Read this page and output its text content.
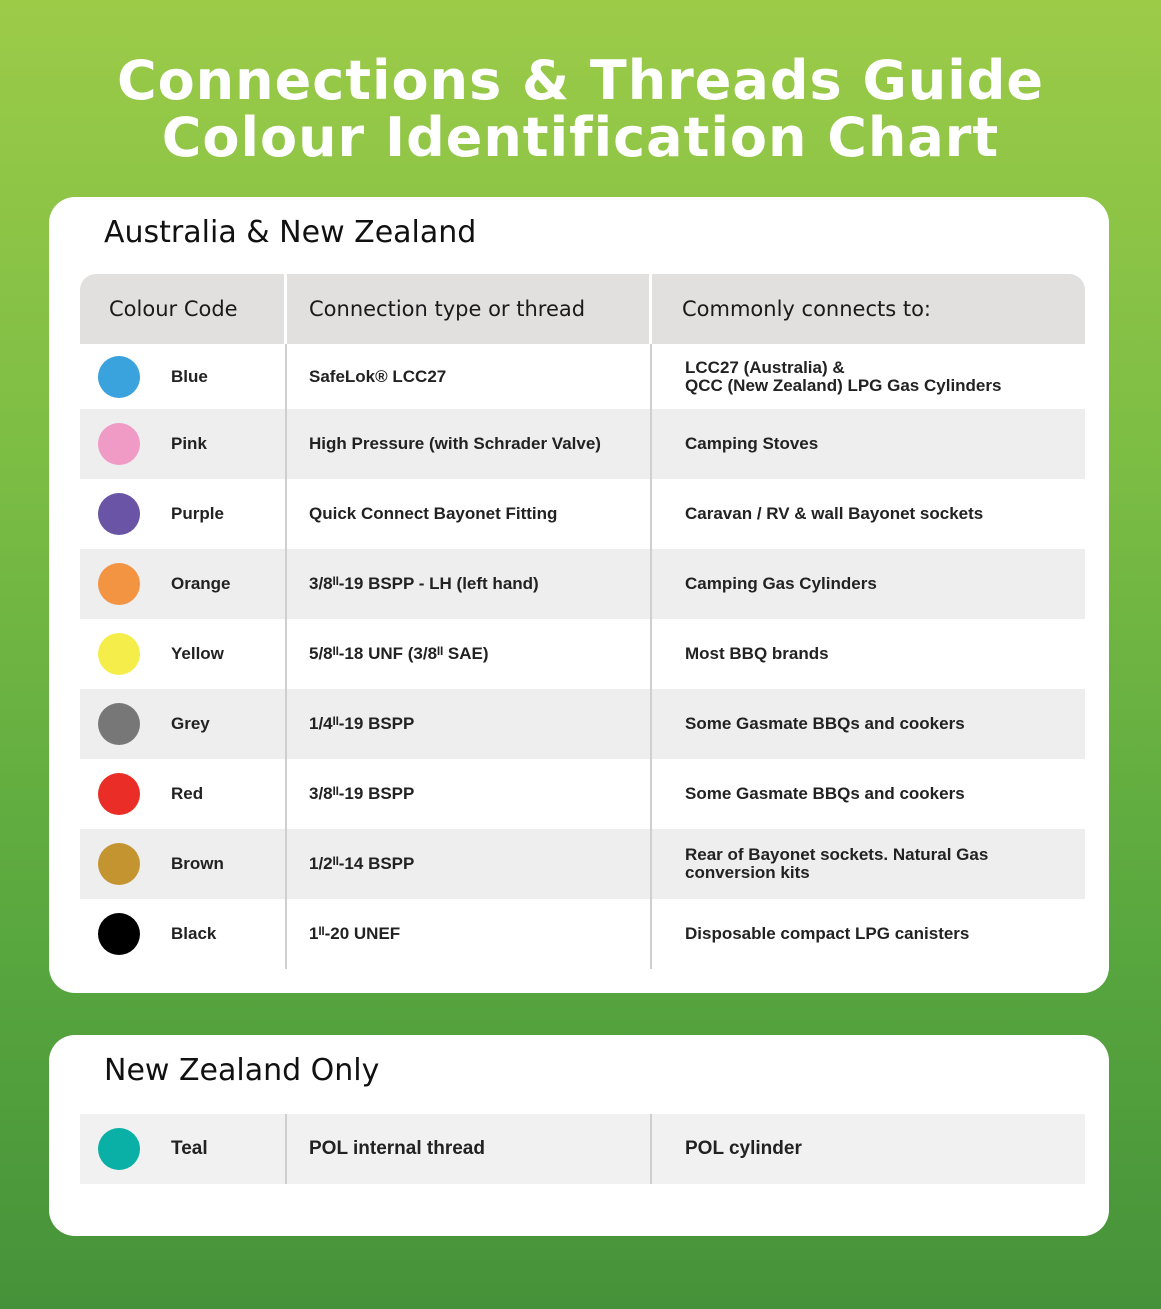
Connections & Threads Guide
Colour Identification Chart
Australia & New Zealand
Colour Code	Connection type or thread	Commonly connects to:
Blue	SafeLok® LCC27	LCC27 (Australia) &
QCC (New Zealand) LPG Gas Cylinders
Pink	High Pressure (with Schrader Valve)	Camping Stoves
Purple	Quick Connect Bayonet Fitting	Caravan / RV & wall Bayonet sockets
Orange	3/8ᴵᴵ-19 BSPP - LH (left hand)	Camping Gas Cylinders
Yellow	5/8ᴵᴵ-18 UNF (3/8ᴵᴵ SAE)	Most BBQ brands
Grey	1/4ᴵᴵ-19 BSPP	Some Gasmate BBQs and cookers
Red	3/8ᴵᴵ-19 BSPP	Some Gasmate BBQs and cookers
Brown	1/2ᴵᴵ-14 BSPP	Rear of Bayonet sockets. Natural Gas
conversion kits
Black	1ᴵᴵ-20 UNEF	Disposable compact LPG canisters
New Zealand Only
Teal	POL internal thread	POL cylinder
